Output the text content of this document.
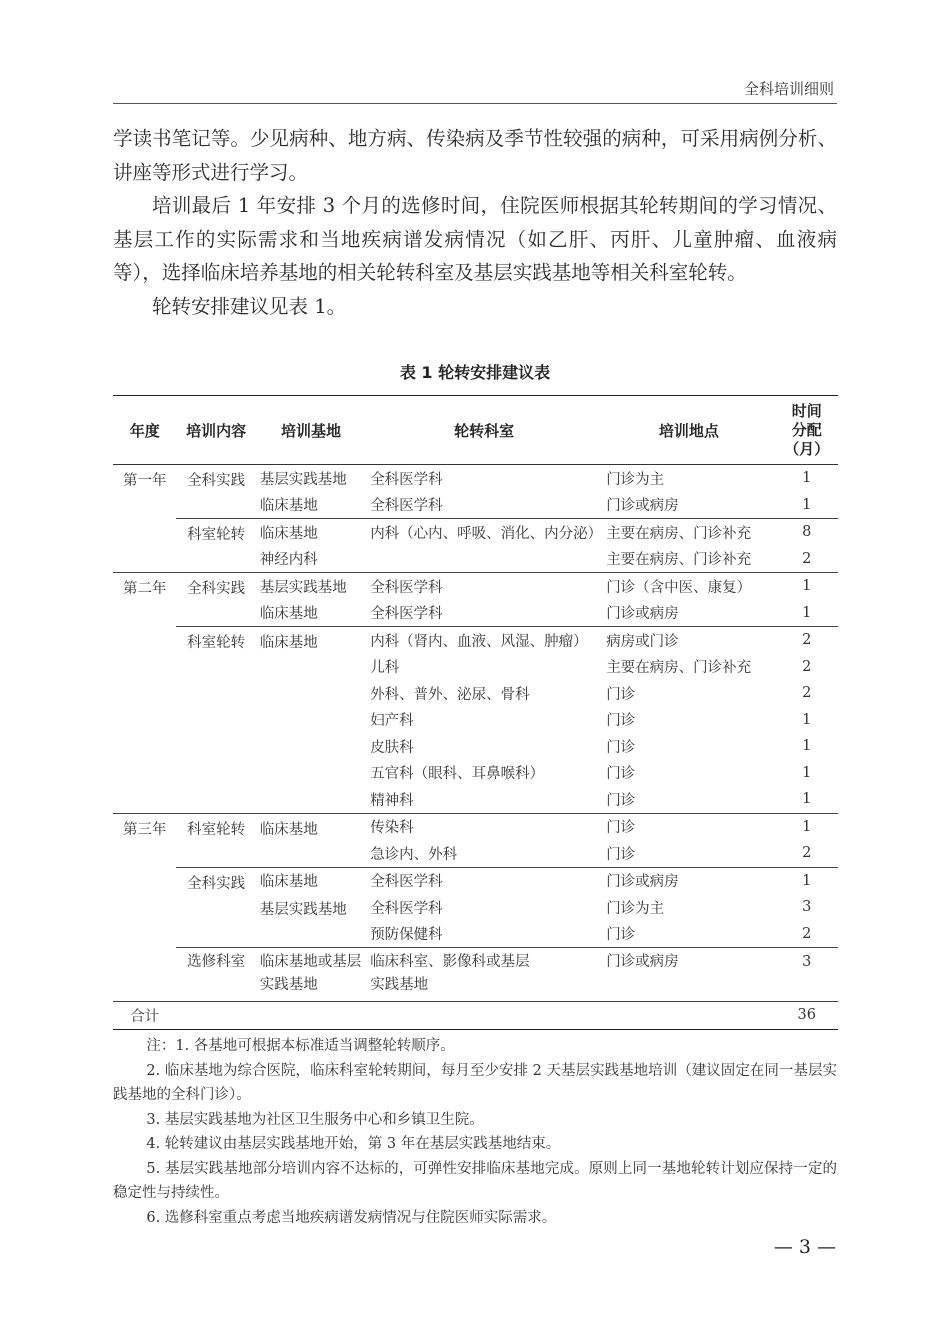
全科培训细则

学读书笔记等。少见病种、地方病、传染病及季节性较强的病种，可采用病例分析、讲座等形式进行学习。

培训最后 1 年安排 3 个月的选修时间，住院医师根据其轮转期间的学习情况、基层工作的实际需求和当地疾病谱发病情况（如乙肝、丙肝、儿童肿瘤、血液病等），选择临床培养基地的相关轮转科室及基层实践基地等相关科室轮转。

轮转安排建议见表 1。

表 1 轮转安排建议表
年度	培训内容	培训基地	轮转科室	培训地点	时间
分配
（月）
第一年	全科实践	基层实践基地	全科医学科	门诊为主	1
		临床基地	全科医学科	门诊或病房	1
	科室轮转	临床基地	内科（心内、呼吸、消化、内分泌）	主要在病房、门诊补充	8
		神经内科		主要在病房、门诊补充	2
第二年	全科实践	基层实践基地	全科医学科	门诊（含中医、康复）	1
		临床基地	全科医学科	门诊或病房	1
	科室轮转	临床基地	内科（肾内、血液、风湿、肿瘤）	病房或门诊	2
			儿科	主要在病房、门诊补充	2
			外科、普外、泌尿、骨科	门诊	2
			妇产科	门诊	1
			皮肤科	门诊	1
			五官科（眼科、耳鼻喉科）	门诊	1
			精神科	门诊	1
第三年	科室轮转	临床基地	传染科	门诊	1
			急诊内、外科	门诊	2
	全科实践	临床基地	全科医学科	门诊或病房	1
		基层实践基地	全科医学科	门诊为主	3
			预防保健科	门诊	2
	选修科室	临床基地或基层实践基地	临床科室、影像科或基层实践基地	门诊或病房	3
合计					36

注：1. 各基地可根据本标准适当调整轮转顺序。

2. 临床基地为综合医院，临床科室轮转期间，每月至少安排 2 天基层实践基地培训（建议固定在同一基层实践基地的全科门诊）。

3. 基层实践基地为社区卫生服务中心和乡镇卫生院。

4. 轮转建议由基层实践基地开始，第 3 年在基层实践基地结束。

5. 基层实践基地部分培训内容不达标的，可弹性安排临床基地完成。原则上同一基地轮转计划应保持一定的稳定性与持续性。

6. 选修科室重点考虑当地疾病谱发病情况与住院医师实际需求。

— 3 —
